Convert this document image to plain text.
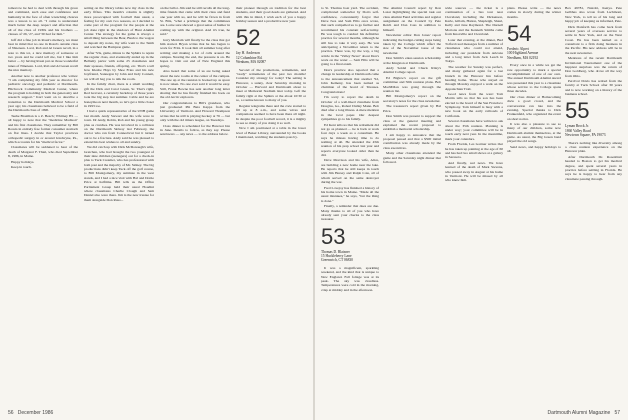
tomorrow he had to deal with through his grace and command, such ease and confidence and humanity in the face of often wrenching choices was a lesson to us all. "I came to understand much better the deep respect and affection that all of the class of 1930s and his brothers — classes of '26, '27, and '30 had for him."

Jeff did a fine job in Rossi's memory, we must bear in mind that no one in Rossi's outside class of Nineteen. Lord, Rob and Al Green recall, in a note to this tot, a nice memory of someone or two years and he could tell me, but I like him better — by having Rossi put on those wonderful tunes of Nineteen. Lord, Rob and Al Green recall the nice memory.

Another note to another professor who writes: "I am completing my fifth year as director for pediatric oncology and pediatric at Dartmouth-Hitchcock Community Medical Center, where the program is holding in both the generosity and research support." Karl went on to describe a transition to the Dartmouth Medical School a year ago; his classmates believed to be a field of the Dartmouth class of 1990.

Teehe Brazilian is a Z. Beach; Whitney BS — all happy to note that the "medicine Madison" and his first classmates. They remember by Bill Rossia in entirely free format consumer stomach on flat lines. I decide that Taylor practices orthopedic surgery in or around Gladwyne, Pa., which accounts for his "medical factor."

Classmates will be saddened to hear of the death of Margaret F. Thiel, who died September 8, 1986, in Maine.

Happy holidays.

Keep in touch.

setting on the library tables now my class in the early fifties. This month's column is slightly more preoccupied with football than usual, a feeling for my own two reasons, as I decided to come part of the program for the people at the job done right in the shadows of Hunt Alumni Center. The strategy for the game is always a small thing between the Bear, Bush to the wagon to deposit my notes, my wife went to the Tenth and watched the Hampton game.

After 'S3s, game, minus to the Sphinx to rejoin the regular class, and eventually ended up in the Bellamy parlor with some 25 classmates and their spouses, friends, offspring, etc. That's a tell how Klesbe Hays by Shoe Fries and his new boyfriend, Sonnegon by John and Judy Connett, we will all beg you to talk the room.

In the family chart, there is a small wedding gift the Dick and Carol Green, Sr. That's right. Red Gravest, a certainly backdrop of those years took the big step last summer. Cable and he are honeymoon next month, so let's get a little closer in 1993 too.

I had a quick representative of the UNH game last month. Andy Stewart and his wife were in town. Dr Andy, Robin, Rob and his young group plus as crutches. He was involved in a collision on the Dartmouth Skiway last February, the doctor who ran from Connecticut but it turned out to be a fracture. Andy said he was pleased to extend his best wishes to all and sundry.

We did catch up with Dick McDonough's wife, Gretchen, who had brought the two youngest of their nine children (teenagers) out for a check-in plus to Tuck Creamer, who has professional with both past and the majority of Mr. Sidney. The big productions didn't keep Tuck off the golf course, to Bill Montgomery, my suitmate in the west stands, and I had a nice visit with Hal and Dottie Price at halftime. Bill tells us the Office Parliament Group held their usual Houdini where classmates Charlie Clough and Sam Daniel also were there. Jim is the new trustee for them alongside Don Ruso...

on the ballot. Jim said he still recalls all the long-time friends that came with their class and fund one year with us, and he will be flown in from St. Bitz, "what a privilege that the committees are. Lorne sure showed a great sense of humor in coming up with the original. And it's true, he said."

Jerry Merriam will finally be the class that got him started. Bryan writes that he has begun to work for Fritz. It took him all summer long after retiring and making a lot of calls around the campus. Nearing the end, the pressure is on. He hopes to visit our end of New England this spring.

Also heard that some of us are being asked about the new rooms at the center of the campus. The one up at the reunion is booked up as space is now taken. No one ever said it would be easy. Still, Frank Bowne has sent another long letter sharing that he has finally finished his book on the old Arctic explorers.

Our congratulations to Bill's grandson, who just graduated Phi Beta Kappa from the University of Vermont. And Howard Thompson writes that he still is playing hockey at 76 — but only with the old timers league, on Tuesdays.

Class dinner is scheduled for the Hanover Inn in June. Details to follow, as they say. Please send news — any news — to the address below.

their pioneer through on tradition for the best students, and their good deeds are gathered. And with this in mind, I wish each of you a happy holiday season and a productive new year.

52
Jay H. Anderson
12 Columbine Rd.
Wenham, MA 02087

Second of the promotions, retirements, and "ready" retirements of the past two months! Consider my strategy for today! The setting is Hanover, a sunny, clear Saturday morning in October — Harvard and Dartmouth about to meet at Memorial Stadium later today. Left the family right at the Sphinx at the about 10:30 or so, a routine known to many of you.

Regular telegrams there and the crew started to fill up at 8 a.m., and some wives and companions seemed to have been there all night. In despite the poor football record, it is a mighty to see so many of you doing it so well.

Now I am positioned at a table in the lower level of Baker Library, surrounded by the books I mentioned, watching the students pass by.

56 December 1986

to St. Thomas boat yard. The accident, complicated somewhat by Don's self-confidence, conveniently forgot that Dave Ives and Sam Ellis once wrote, that such compelled us to go further and recommend his constant self-scrutiny. He was tough to conduct his definitive practice for several months, although he still has to take it very easy. He was anticipating a November return to the practice. There was, by the way, a big article in the "Valley News" about Don's work on the water — Sam Ellis will be going to a final exam.

Don's practice also reported that a change in leadership at Dartmouth came to the announcement that another 'S2, John Kemeny, has been named as chairman of the board of Trustees. Congratulations!

I'm sorry to report the death in October of a well-liked classmate from Douglas, Ga., Robert Dulley Mann. Bob died after a long illness. A mere mention in the local paper. Our deepest sympathies go to his family.

Ed Kent tells us that his retirement did not go as planned — he is back at work four days a week as a consultant. He says he misses having time to do nothing at all. He attended the 45th reunion of his prep school last year and reports everyone looked older than he did.

Dave Morrison and his wife, Alice, are building a new home near the lake. He reports that he still keeps in touch with Jim Hersey and Ralph Cole, all of whom served on the same destroyer during the war.

Fred Lovejoy has finished a history of his home town in Maine. "Made all the usual mistakes," he says, "but the thing is done."

Finally, a reminder that dues are due. Many thanks to all of you who have already sent your checks to the class treasurer.

53
Thomas D. Blaisner
15 Huckleberry Lane
Greenwich, CT 06830

It was a magnificent, sparkling weekend, and the kind that is unique to New England. Fall foliage was at its peak. The sky was cloudless. Temperatures were cold in the morning, crisp at midday and in the afternoon.

The Alumni Council report by Ron Lazar highlighting the special task our class Alumni Fund activities and regular assignment on the Council by Pete Reich and Don Cass in addition to himself.

Newsletter editor Don Jones' report indicating the budget-cutting steps being taken by the College which affect the size of the November issue of the newsletter.

Don Smith's enter-session scholarship at the Kingston at Dartmouth.

Andy Seidel and Chuck Riley's Alumni College report.

Ed Biglow's report on the gift committee and 50th reunion plans. Bob MacMillan was going through the reunion list.

Bill Montgomery's report on the secretary's notes for the class newsletter.

The treasurer's report given by Hal Price.

Don Smith was present to support the class at the general meeting and explained the recent proposal to establish a memorial scholarship.

I am happy to announce that the proposal passed and that a $500 initial contribution was already made by the class executives.

Many other classmates attended the game and the Saturday night dinner that followed.

wide sources — the ticket is a continuation of a bus tour near Cleveland, including the Dickenson, Karle, Gillam, Hatton, Shapleigh, Shaul, Kelly and Jane Raymond. The Darnell Mortons and the Kenneth Smiths came from Knoxville and Cleveland.

Later that evening, at the dinner, Bud Tolford read messages from a number of classmates who could not attend, including our president from Arizona and a long letter from Jack Leach in Tokyo.

The weather for Sunday was perfect, and many gathered again for a last brunch in the Hanover Inn before heading home. Those who stayed on through Monday enjoyed a walk on the Appalachian Trail.

Good news from the west: Tom Martin tells us that his son has been elected to the board of the San Francisco Symphony. Tom himself is busy with a new book on the early railroads of California.

Several classmates have written to ask about the 35th reunion. Planning is under way; your committee will be in touch early next year. In the meantime, mark your calendars.

From Florida, Les Gartner writes that he has taken up painting at the age of 60 and has had two small shows at a gallery in Sarasota.

And finally, sad news. We have learned of the death of Mark Stevens, who passed away in August at his home in Vermont. He will be missed by all who knew him.

plans. Please write — the news comes in slowly during the winter months.

54
Frederic Alpert
100 Highland Avenue
Needham, MA 02192

Every once in a while we get the rare opportunity to mark a special accomplishment of one of our own. The annual Dartmouth Alumni Award was presented this year to a classmate whose service to the College spans three decades.

Our class dinner at Homecoming drew a good crowd, and the conversation ran late into the evening. Special thanks to Dick Frankenfeld, who organized the event on short notice.

It was also a pleasure to see so many of our children, some now Dartmouth alumni themselves, at the game. As usual, the Big Green band played the old songs.

Send news, and happy holidays to all.

Box 49781, Nairobi, Kenya. Pete Gelbhes also wrote from Lachmont, New York, to tell us of his long and happy job of keeping us informed, Pete.

Dick Danforth has come back from several years of overseas service to settle in New York, and on the West Coast. He has been named as a consultant to a firm doing business in the Pacific. His new address will be in the next newsletter.

Mentions of the recent Dartmouth Invitational Tournament: one of the happiest surprises was the return of Don Goldberg, who drove all the way from Ohio.

Percival Davis has retired from the faculty at Tuck School after 30 years and is now working on a history of the business school.

55
Lyman Brock Jr.
1860 Valley Road
Newtown Square, PA 19073

There's nothing like diversity among a class reunion experience on the Hanover plain.

After Dartmouth Dr. Rosenblatt headed to Boston to get his medical degree, and spent several years in practice before settling in Florida. He says he is happy to hear from any classmate passing through.

Dartmouth Alumni Magazine 57
